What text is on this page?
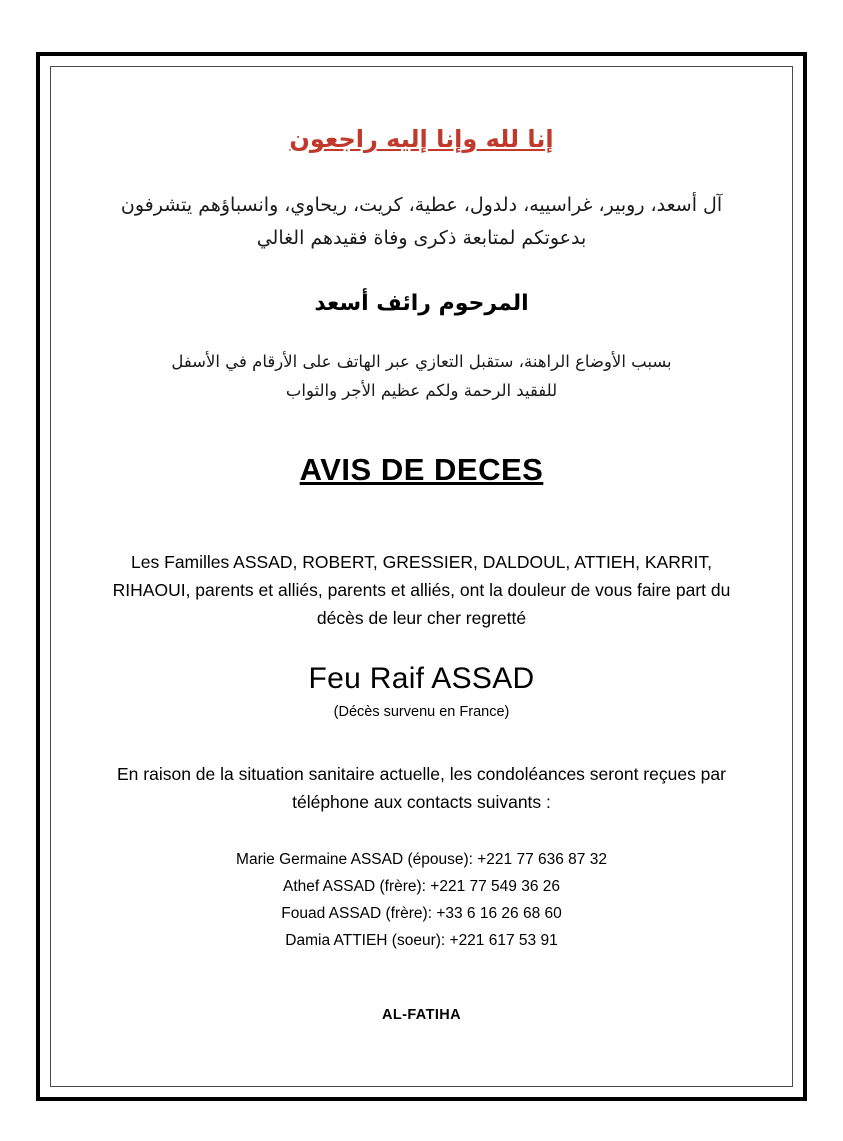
إنا لله وإنا إليه راجعون
آل أسعد، روبير، غراسييه، دلدول، عطية، كريت، ريحاوي، وانسباؤهم يتشرفون
بدعوتكم لمتابعة ذكرى وفاة فقيدهم الغالي
المرحوم رائف أسعد
بسبب الأوضاع الراهنة، ستقبل التعازي عبر الهاتف على الأرقام في الأسفل
للفقيد الرحمة ولكم عظيم الأجر والثواب
AVIS DE DECES
Les Familles ASSAD, ROBERT, GRESSIER, DALDOUL, ATTIEH, KARRIT, RIHAOUI, parents et alliés, parents et alliés, ont la douleur de vous faire part du décès de leur cher regretté
Feu Raif ASSAD
(Décès survenu en France)
En raison de la situation sanitaire actuelle, les condoléances seront reçues par téléphone aux contacts suivants :
Marie Germaine ASSAD (épouse): +221 77 636 87 32
Athef ASSAD (frère): +221 77 549 36 26
Fouad ASSAD (frère): +33 6 16 26 68 60
Damia ATTIEH (soeur): +221 617 53 91
AL-FATIHA
